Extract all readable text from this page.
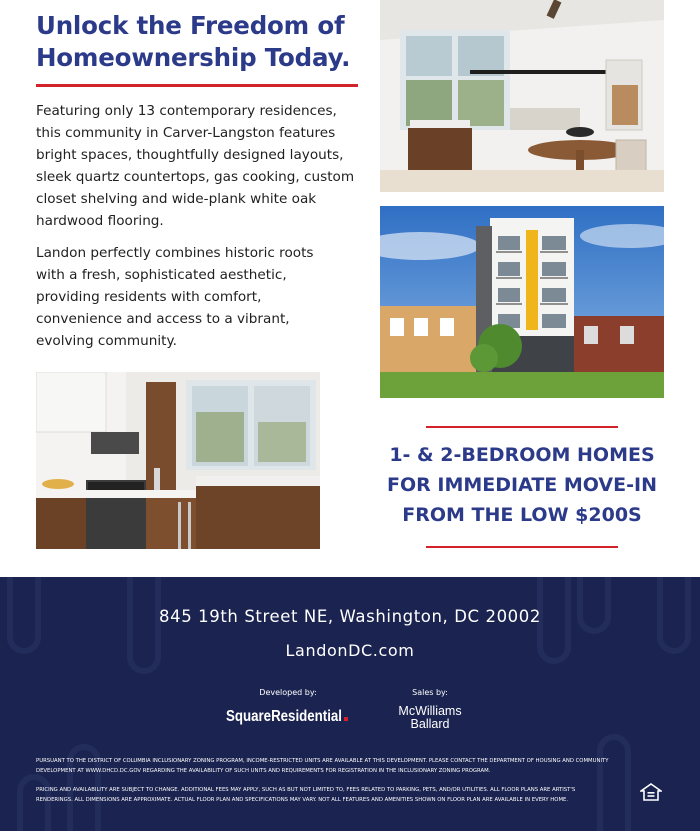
Unlock the Freedom of Homeownership Today.

Featuring only 13 contemporary residences, this community in Carver-Langston features bright spaces, thoughtfully designed layouts, sleek quartz countertops, gas cooking, custom closet shelving and wide-plank white oak hardwood flooring.

Landon perfectly combines historic roots with a fresh, sophisticated aesthetic, providing residents with comfort, convenience and access to a vibrant, evolving community.

1- & 2-BEDROOM HOMES
FOR IMMEDIATE MOVE-IN
FROM THE LOW $200S

845 19th Street NE, Washington, DC 20002
LandonDC.com
Developed by:	Sales by:
SquareResidential	McWilliams
Ballard

PURSUANT TO THE DISTRICT OF COLUMBIA INCLUSIONARY ZONING PROGRAM, INCOME-RESTRICTED UNITS ARE AVAILABLE AT THIS DEVELOPMENT. PLEASE CONTACT THE DEPARTMENT OF HOUSING AND COMMUNITY DEVELOPMENT AT WWW.DHCD.DC.GOV REGARDING THE AVAILABILITY OF SUCH UNITS AND REQUIREMENTS FOR REGISTRATION IN THE INCLUSIONARY ZONING PROGRAM.

PRICING AND AVAILABILITY ARE SUBJECT TO CHANGE. ADDITIONAL FEES MAY APPLY, SUCH AS BUT NOT LIMITED TO, FEES RELATED TO PARKING, PETS, AND/OR UTILITIES. ALL FLOOR PLANS ARE ARTIST'S RENDERINGS. ALL DIMENSIONS ARE APPROXIMATE. ACTUAL FLOOR PLAN AND SPECIFICATIONS MAY VARY. NOT ALL FEATURES AND AMENITIES SHOWN ON FLOOR PLAN ARE AVAILABLE IN EVERY HOME.
